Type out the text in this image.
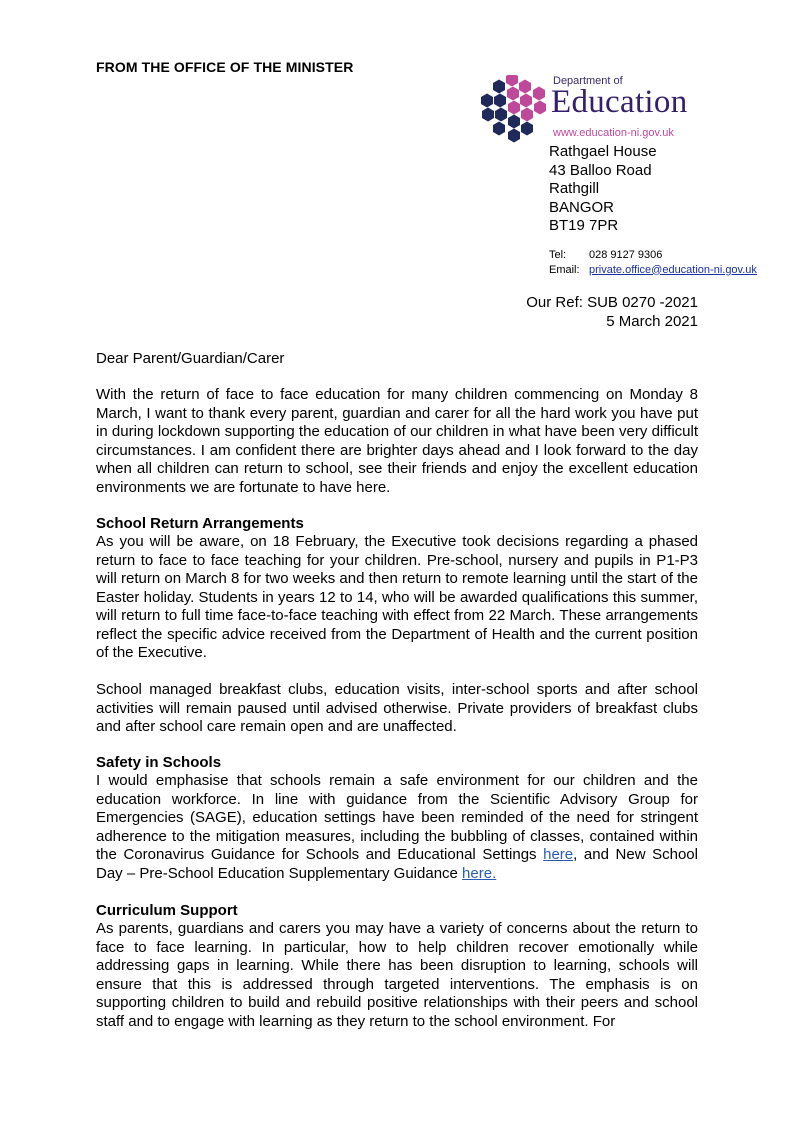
FROM THE OFFICE OF THE MINISTER
Department of
Education
www.education-ni.gov.uk
Rathgael House
43 Balloo Road
Rathgill
BANGOR
BT19 7PR
Tel: 028 9127 9306
Email: private.office@education-ni.gov.uk
Our Ref: SUB 0270 -2021
5 March 2021
Dear Parent/Guardian/Carer

With the return of face to face education for many children commencing on Monday 8 March, I want to thank every parent, guardian and carer for all the hard work you have put in during lockdown supporting the education of our children in what have been very difficult circumstances. I am confident there are brighter days ahead and I look forward to the day when all children can return to school, see their friends and enjoy the excellent education environments we are fortunate to have here.

School Return Arrangements

As you will be aware, on 18 February, the Executive took decisions regarding a phased return to face to face teaching for your children. Pre-school, nursery and pupils in P1-P3 will return on March 8 for two weeks and then return to remote learning until the start of the Easter holiday. Students in years 12 to 14, who will be awarded qualifications this summer, will return to full time face-to-face teaching with effect from 22 March. These arrangements reflect the specific advice received from the Department of Health and the current position of the Executive.

School managed breakfast clubs, education visits, inter-school sports and after school activities will remain paused until advised otherwise. Private providers of breakfast clubs and after school care remain open and are unaffected.

Safety in Schools

I would emphasise that schools remain a safe environment for our children and the education workforce. In line with guidance from the Scientific Advisory Group for Emergencies (SAGE), education settings have been reminded of the need for stringent adherence to the mitigation measures, including the bubbling of classes, contained within the Coronavirus Guidance for Schools and Educational Settings here, and New School Day – Pre-School Education Supplementary Guidance here.

Curriculum Support

As parents, guardians and carers you may have a variety of concerns about the return to face to face learning. In particular, how to help children recover emotionally while addressing gaps in learning. While there has been disruption to learning, schools will ensure that this is addressed through targeted interventions. The emphasis is on supporting children to build and rebuild positive relationships with their peers and school staff and to engage with learning as they return to the school environment. For
